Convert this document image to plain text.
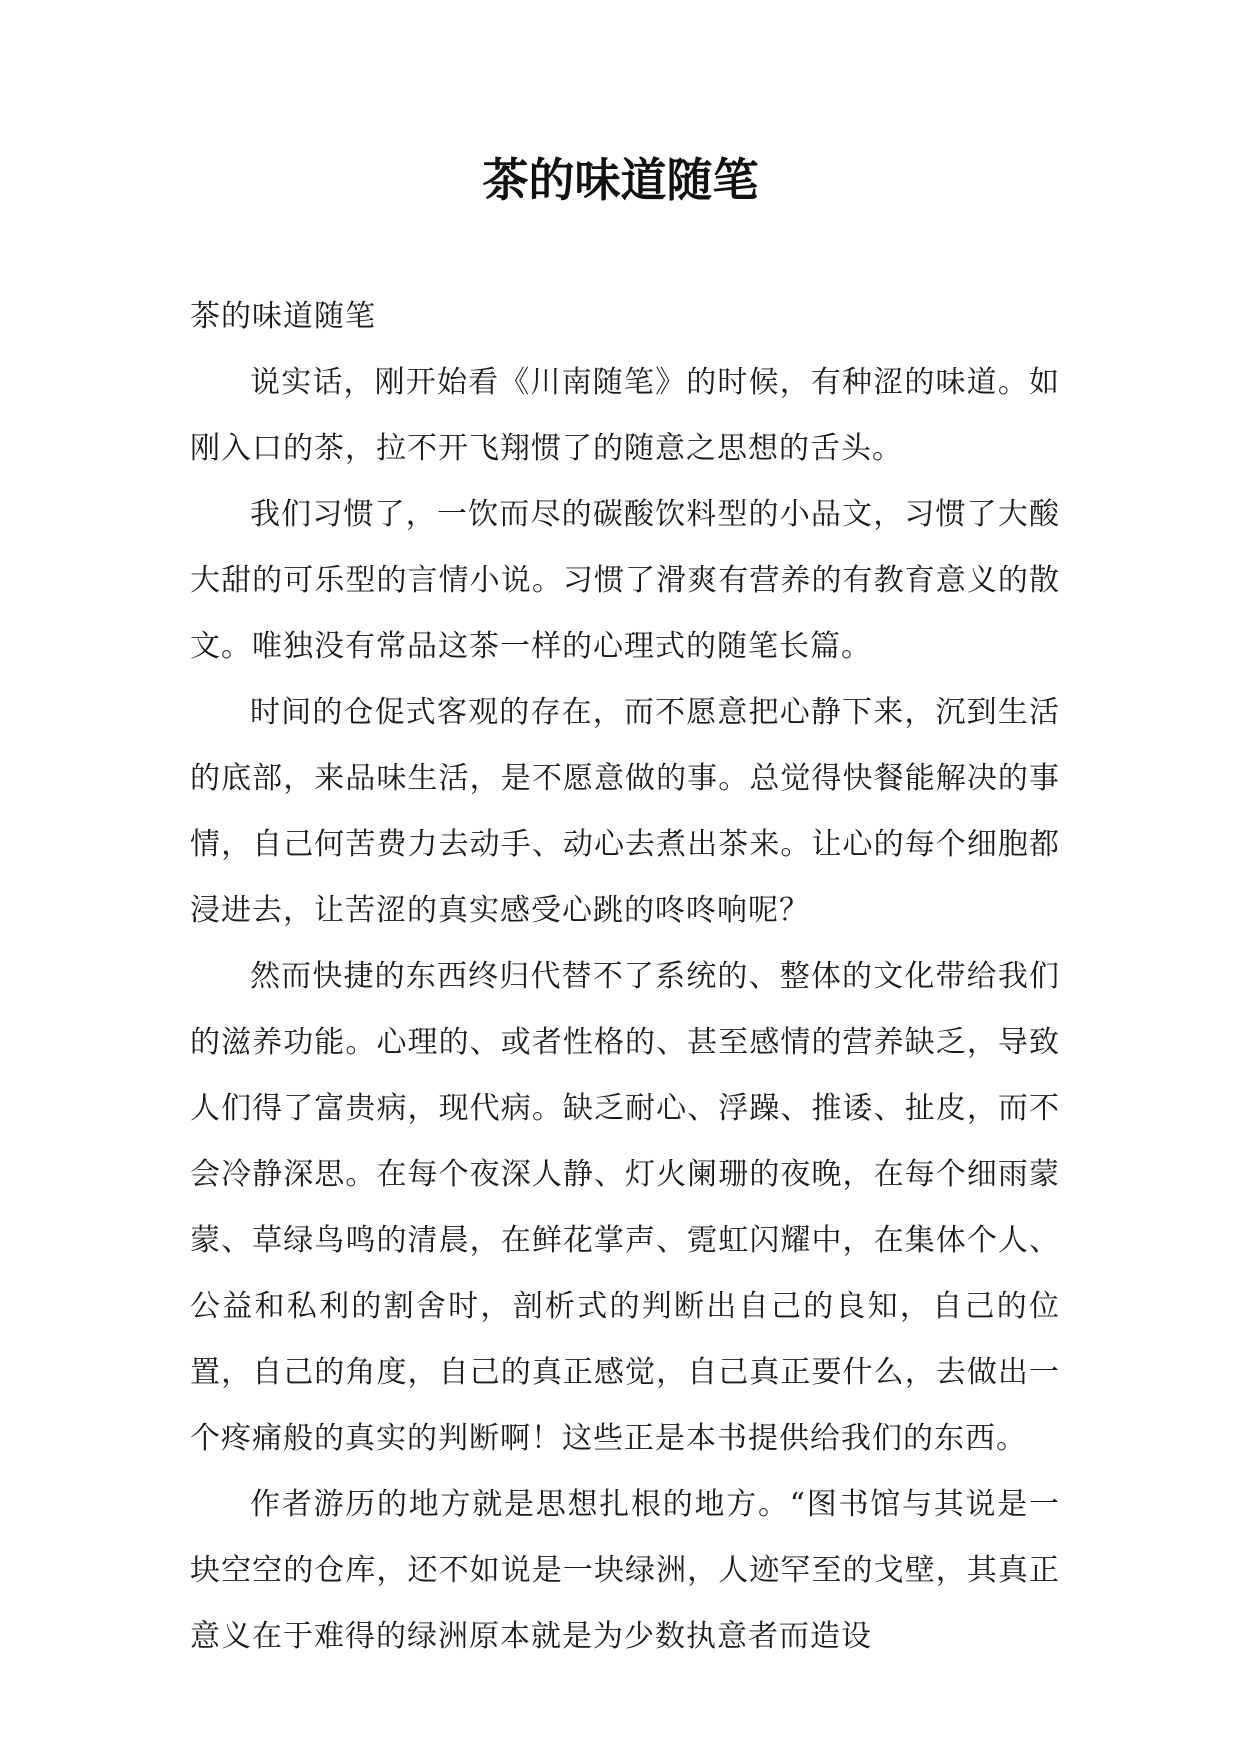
茶的味道随笔

茶的味道随笔

说实话，刚开始看《川南随笔》的时候，有种涩的味道。如刚入口的茶，拉不开飞翔惯了的随意之思想的舌头。

我们习惯了，一饮而尽的碳酸饮料型的小品文，习惯了大酸大甜的可乐型的言情小说。习惯了滑爽有营养的有教育意义的散文。唯独没有常品这茶一样的心理式的随笔长篇。

时间的仓促式客观的存在，而不愿意把心静下来，沉到生活的底部，来品味生活，是不愿意做的事。总觉得快餐能解决的事情，自己何苦费力去动手、动心去煮出茶来。让心的每个细胞都浸进去，让苦涩的真实感受心跳的咚咚响呢？

然而快捷的东西终归代替不了系统的、整体的文化带给我们的滋养功能。心理的、或者性格的、甚至感情的营养缺乏，导致人们得了富贵病，现代病。缺乏耐心、浮躁、推诿、扯皮，而不会冷静深思。在每个夜深人静、灯火阑珊的夜晚，在每个细雨蒙蒙、草绿鸟鸣的清晨，在鲜花掌声、霓虹闪耀中，在集体个人、公益和私利的割舍时，剖析式的判断出自己的良知，自己的位置，自己的角度，自己的真正感觉，自己真正要什么，去做出一个疼痛般的真实的判断啊！这些正是本书提供给我们的东西。

作者游历的地方就是思想扎根的地方。“图书馆与其说是一块空空的仓库，还不如说是一块绿洲，人迹罕至的戈壁，其真正意义在于难得的绿洲原本就是为少数执意者而造设
